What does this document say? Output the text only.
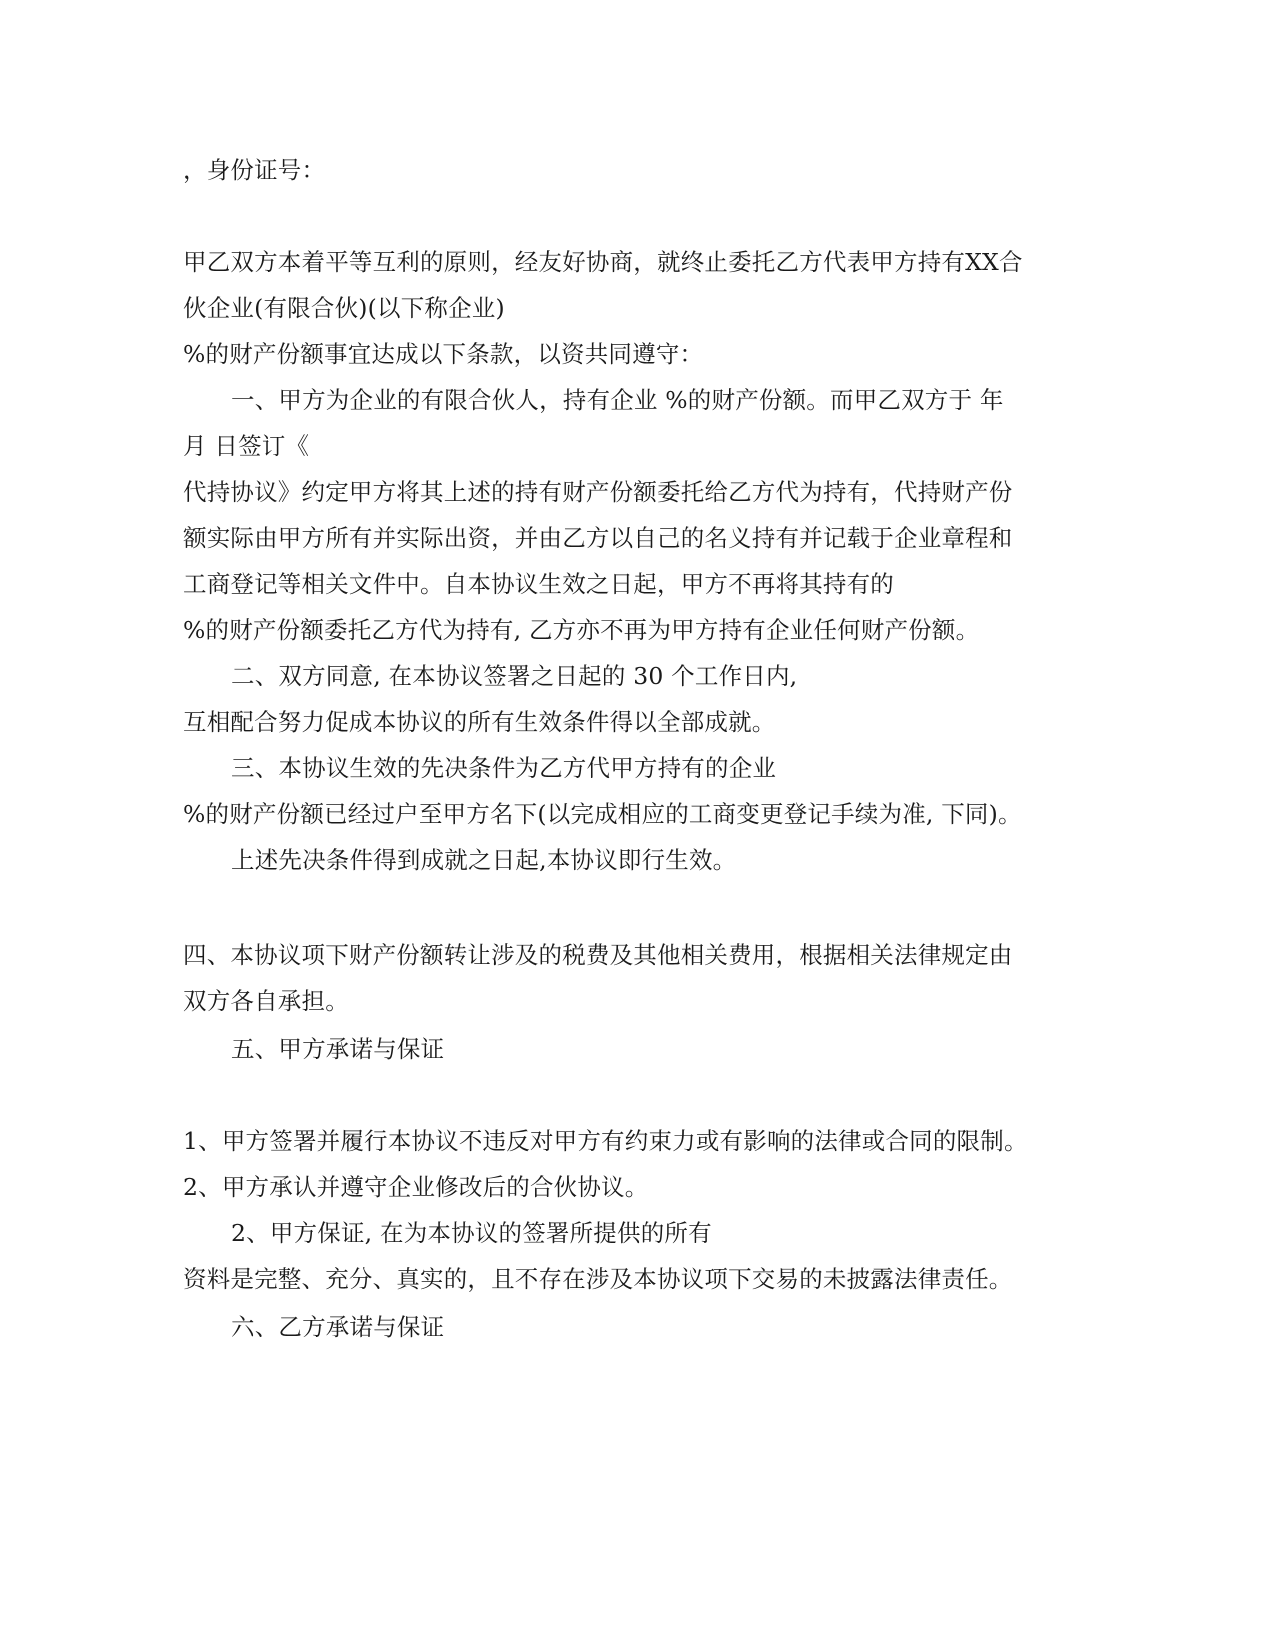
，身份证号：
甲乙双方本着平等互利的原则，经友好协商，就终止委托乙方代表甲方持有XX合
伙企业(有限合伙)(以下称企业)
%的财产份额事宜达成以下条款，以资共同遵守：
一、甲方为企业的有限合伙人，持有企业 %的财产份额。而甲乙双方于 年
月 日签订《
代持协议》约定甲方将其上述的持有财产份额委托给乙方代为持有，代持财产份
额实际由甲方所有并实际出资，并由乙方以自己的名义持有并记载于企业章程和
工商登记等相关文件中。自本协议生效之日起，甲方不再将其持有的
%的财产份额委托乙方代为持有, 乙方亦不再为甲方持有企业任何财产份额。
二、双方同意, 在本协议签署之日起的 30 个工作日内,
互相配合努力促成本协议的所有生效条件得以全部成就。
三、本协议生效的先决条件为乙方代甲方持有的企业
%的财产份额已经过户至甲方名下(以完成相应的工商变更登记手续为准, 下同)。
上述先决条件得到成就之日起,本协议即行生效。
四、本协议项下财产份额转让涉及的税费及其他相关费用，根据相关法律规定由
双方各自承担。
五、甲方承诺与保证
1、甲方签署并履行本协议不违反对甲方有约束力或有影响的法律或合同的限制。
2、甲方承认并遵守企业修改后的合伙协议。
2、甲方保证, 在为本协议的签署所提供的所有
资料是完整、充分、真实的，且不存在涉及本协议项下交易的未披露法律责任。
六、乙方承诺与保证
